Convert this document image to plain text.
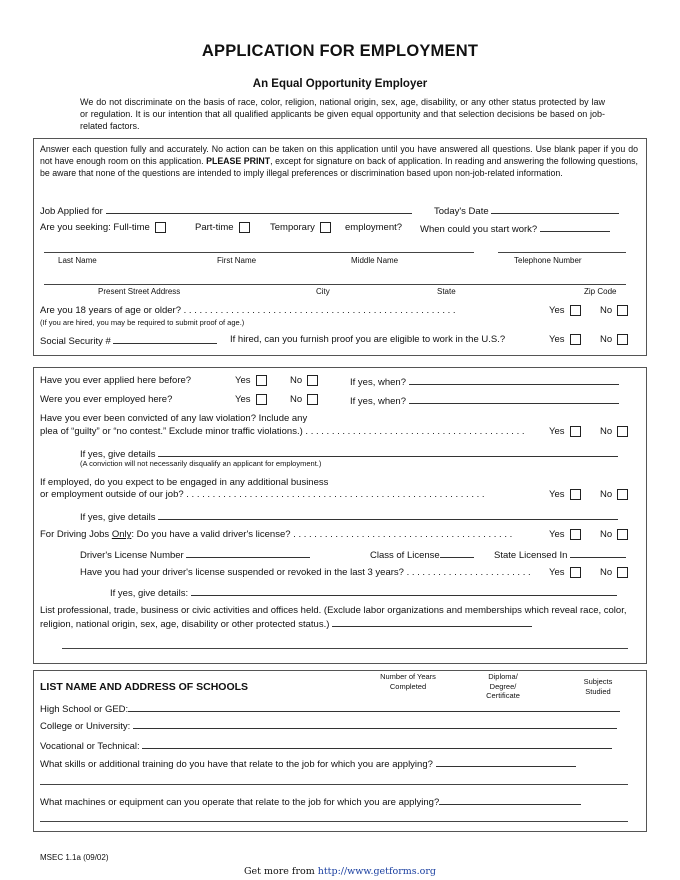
APPLICATION FOR EMPLOYMENT
An Equal Opportunity Employer
We do not discriminate on the basis of race, color, religion, national origin, sex, age, disability, or any other status protected by law or regulation. It is our intention that all qualified applicants be given equal opportunity and that selection decisions be based on job-related factors.
Answer each question fully and accurately. No action can be taken on this application until you have answered all questions. Use blank paper if you do not have enough room on this application. PLEASE PRINT, except for signature on back of application. In reading and answering the following questions, be aware that none of the questions are intended to imply illegal preferences or discrimination based upon non-job-related information.
Job Applied for	Today's Date
Are you seeking: Full-time	Part-time	Temporary	employment? When could you start work?
Last Name	First Name	Middle Name	Telephone Number
Present Street Address	City	State	Zip Code
Are you 18 years of age or older? . . . . . . . . . . . . . . . . . . . . . . . . . . . . . . . . . . . . . . . . . . . . . . . . . . . .	Yes	No
(If you are hired, you may be required to submit proof of age.)
Social Security #	If hired, can you furnish proof you are eligible to work in the U.S.?	Yes	No
Have you ever applied here before?	Yes	No	If yes, when?
Were you ever employed here?	Yes	No	If yes, when?
Have you ever been convicted of any law violation? Include any
plea of “guilty” or “no contest.” Exclude minor traffic violations.) . . . . . . . . . . . . . . . . . . . . . . . . . . . . . . . . . . . . . . . . . .	Yes	No
If yes, give details
(A conviction will not necessarily disqualify an applicant for employment.)
If employed, do you expect to be engaged in any additional business
or employment outside of our job? . . . . . . . . . . . . . . . . . . . . . . . . . . . . . . . . . . . . . . . . . . . . . . . . . . . . . . . . .	Yes	No
If yes, give details
For Driving Jobs Only: Do you have a valid driver's license? . . . . . . . . . . . . . . . . . . . . . . . . . . . . . . . . . . . . . . . . . .	Yes	No
Driver's License Number	Class of License	State Licensed In
Have you had your driver's license suspended or revoked in the last 3 years? . . . . . . . . . . . . . . . . . . . . . . . .	Yes	No
If yes, give details:
List professional, trade, business or civic activities and offices held. (Exclude labor organizations and memberships which reveal race, color, religion, national origin, sex, age, disability or other protected status.)
LIST NAME AND ADDRESS OF SCHOOLS
Number of Years Completed
Diploma/ Degree/ Certificate
Subjects Studied
High School or GED:
College or University:
Vocational or Technical:
What skills or additional training do you have that relate to the job for which you are applying?
What machines or equipment can you operate that relate to the job for which you are applying?
MSEC 1.1a (09/02)
Get more from http://www.getforms.org
